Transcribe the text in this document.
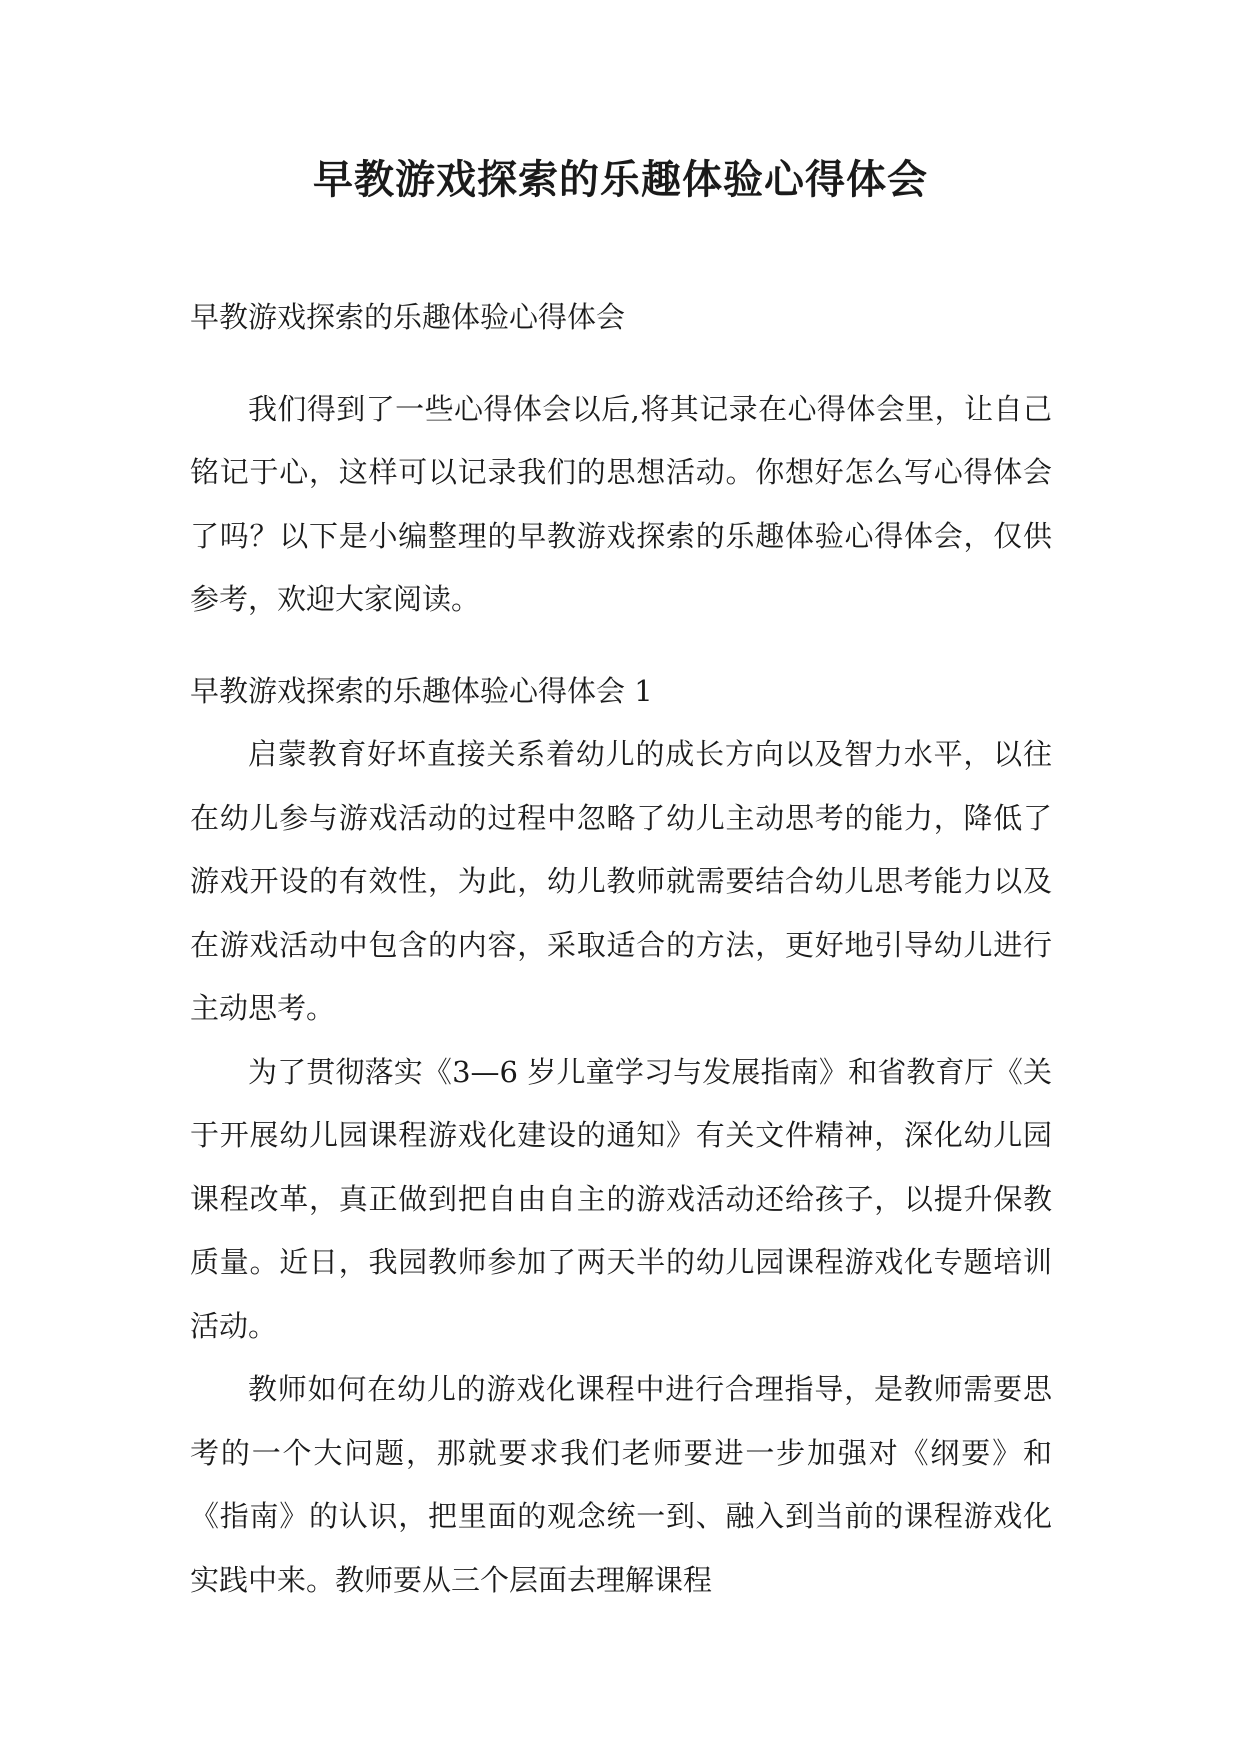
早教游戏探索的乐趣体验心得体会

早教游戏探索的乐趣体验心得体会

我们得到了一些心得体会以后,将其记录在心得体会里，让自己铭记于心，这样可以记录我们的思想活动。你想好怎么写心得体会了吗？以下是小编整理的早教游戏探索的乐趣体验心得体会，仅供参考，欢迎大家阅读。

早教游戏探索的乐趣体验心得体会 1

启蒙教育好坏直接关系着幼儿的成长方向以及智力水平，以往在幼儿参与游戏活动的过程中忽略了幼儿主动思考的能力，降低了游戏开设的有效性，为此，幼儿教师就需要结合幼儿思考能力以及在游戏活动中包含的内容，采取适合的方法，更好地引导幼儿进行主动思考。

为了贯彻落实《3—6 岁儿童学习与发展指南》和省教育厅《关于开展幼儿园课程游戏化建设的通知》有关文件精神，深化幼儿园课程改革，真正做到把自由自主的游戏活动还给孩子，以提升保教质量。近日，我园教师参加了两天半的幼儿园课程游戏化专题培训活动。

教师如何在幼儿的游戏化课程中进行合理指导，是教师需要思考的一个大问题，那就要求我们老师要进一步加强对《纲要》和《指南》的认识，把里面的观念统一到、融入到当前的课程游戏化实践中来。教师要从三个层面去理解课程
